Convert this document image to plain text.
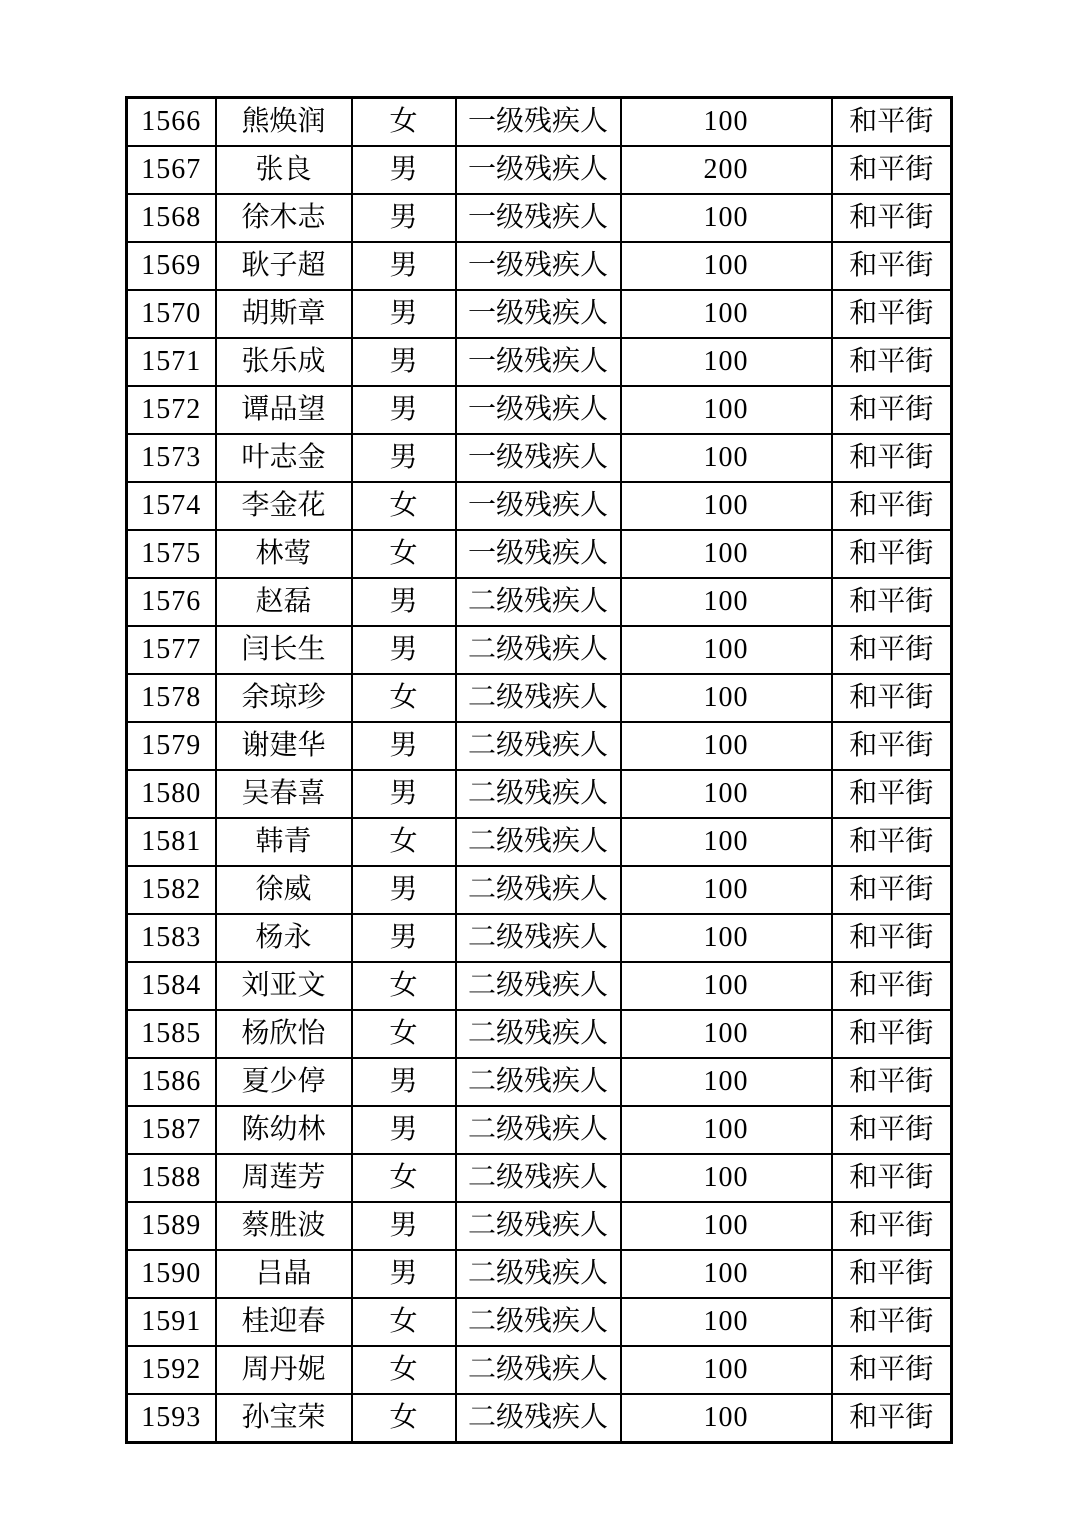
1566	熊焕润	女	一级残疾人	100	和平街
1567	张良	男	一级残疾人	200	和平街
1568	徐木志	男	一级残疾人	100	和平街
1569	耿子超	男	一级残疾人	100	和平街
1570	胡斯章	男	一级残疾人	100	和平街
1571	张乐成	男	一级残疾人	100	和平街
1572	谭品望	男	一级残疾人	100	和平街
1573	叶志金	男	一级残疾人	100	和平街
1574	李金花	女	一级残疾人	100	和平街
1575	林莺	女	一级残疾人	100	和平街
1576	赵磊	男	二级残疾人	100	和平街
1577	闫长生	男	二级残疾人	100	和平街
1578	余琼珍	女	二级残疾人	100	和平街
1579	谢建华	男	二级残疾人	100	和平街
1580	吴春喜	男	二级残疾人	100	和平街
1581	韩青	女	二级残疾人	100	和平街
1582	徐威	男	二级残疾人	100	和平街
1583	杨永	男	二级残疾人	100	和平街
1584	刘亚文	女	二级残疾人	100	和平街
1585	杨欣怡	女	二级残疾人	100	和平街
1586	夏少停	男	二级残疾人	100	和平街
1587	陈幼林	男	二级残疾人	100	和平街
1588	周莲芳	女	二级残疾人	100	和平街
1589	蔡胜波	男	二级残疾人	100	和平街
1590	吕晶	男	二级残疾人	100	和平街
1591	桂迎春	女	二级残疾人	100	和平街
1592	周丹妮	女	二级残疾人	100	和平街
1593	孙宝荣	女	二级残疾人	100	和平街
